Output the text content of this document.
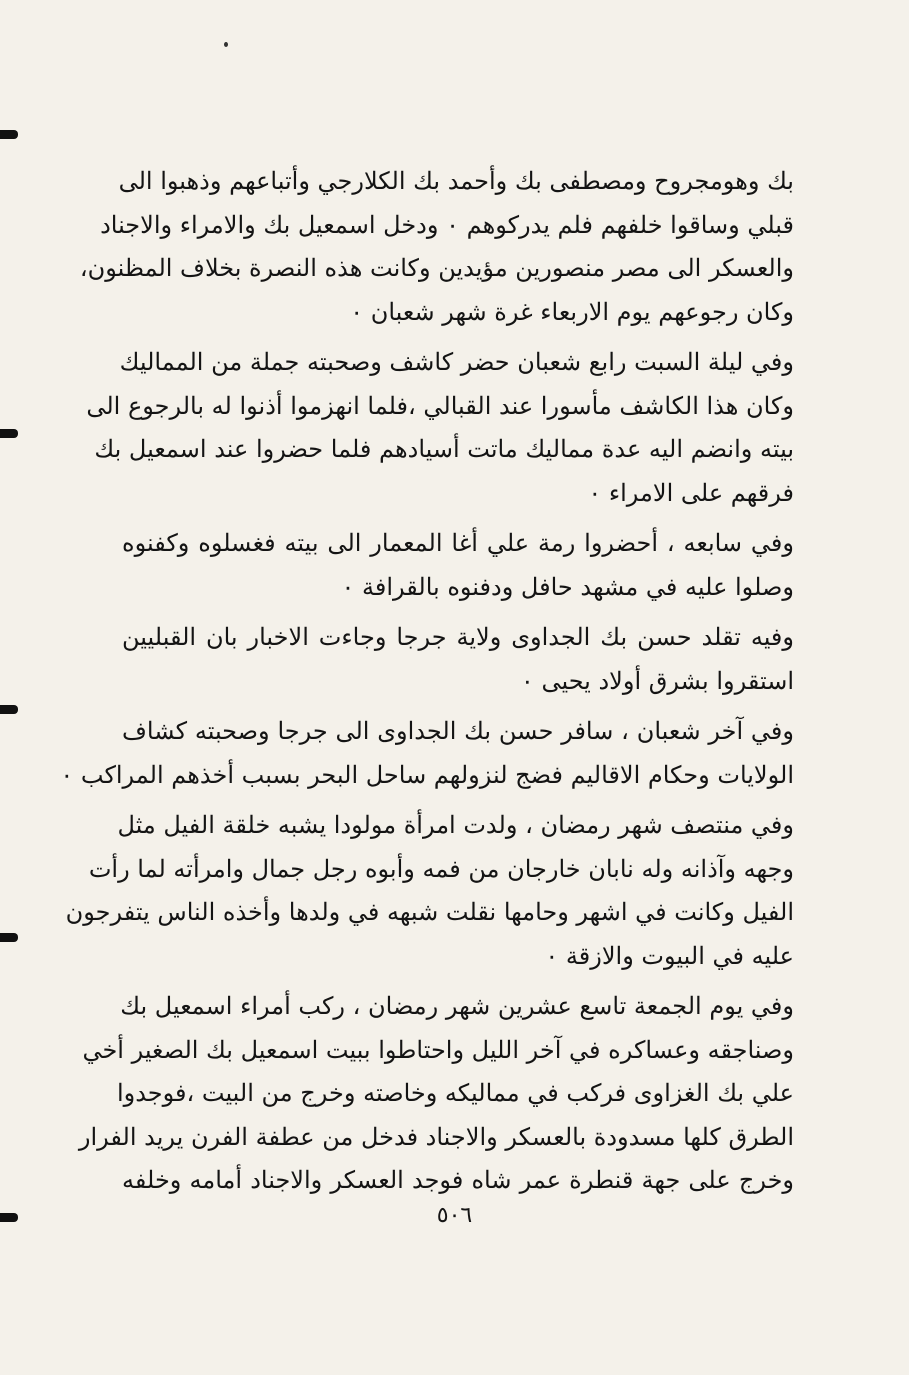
بك وهومجروح ومصطفى بك وأحمد بك الكلارجي وأتباعهم وذهبوا الى
قبلي وساقوا خلفهم فلم يدركوهم ۰ ودخل اسمعيل بك والامراء والاجناد
والعسكر الى مصر منصورين مؤيدين وكانت هذه النصرة بخلاف المظنون،
وكان رجوعهم يوم الاربعاء غرة شهر شعبان ۰
وفي ليلة السبت رابع شعبان حضر كاشف وصحبته جملة من المماليك
وكان هذا الكاشف مأسورا عند القبالي ،فلما انهزموا أذنوا له بالرجوع الى
بيته وانضم اليه عدة مماليك ماتت أسيادهم فلما حضروا عند اسمعيل بك
فرقهم على الامراء ۰
وفي سابعه ، أحضروا رمة علي أغا المعمار الى بيته فغسلوه وكفنوه
وصلوا عليه في مشهد حافل ودفنوه بالقرافة ۰
وفيه تقلد حسن بك الجداوى ولاية جرجا وجاءت الاخبار بان القبليين
استقروا بشرق أولاد يحيى ۰
وفي آخر شعبان ، سافر حسن بك الجداوى الى جرجا وصحبته كشاف
الولايات وحكام الاقاليم فضج لنزولهم ساحل البحر بسبب أخذهم المراكب ۰
وفي منتصف شهر رمضان ، ولدت امرأة مولودا يشبه خلقة الفيل مثل
وجهه وآذانه وله نابان خارجان من فمه وأبوه رجل جمال وامرأته لما رأت
الفيل وكانت في اشهر وحامها نقلت شبهه في ولدها وأخذه الناس يتفرجون
عليه في البيوت والازقة ۰
وفي يوم الجمعة تاسع عشرين شهر رمضان ، ركب أمراء اسمعيل بك
وصناجقه وعساكره في آخر الليل واحتاطوا ببيت اسمعيل بك الصغير أخي
علي بك الغزاوى فركب في مماليكه وخاصته وخرج من البيت ،فوجدوا
الطرق كلها مسدودة بالعسكر والاجناد فدخل من عطفة الفرن يريد الفرار
وخرج على جهة قنطرة عمر شاه فوجد العسكر والاجناد أمامه وخلفه
٥٠٦
